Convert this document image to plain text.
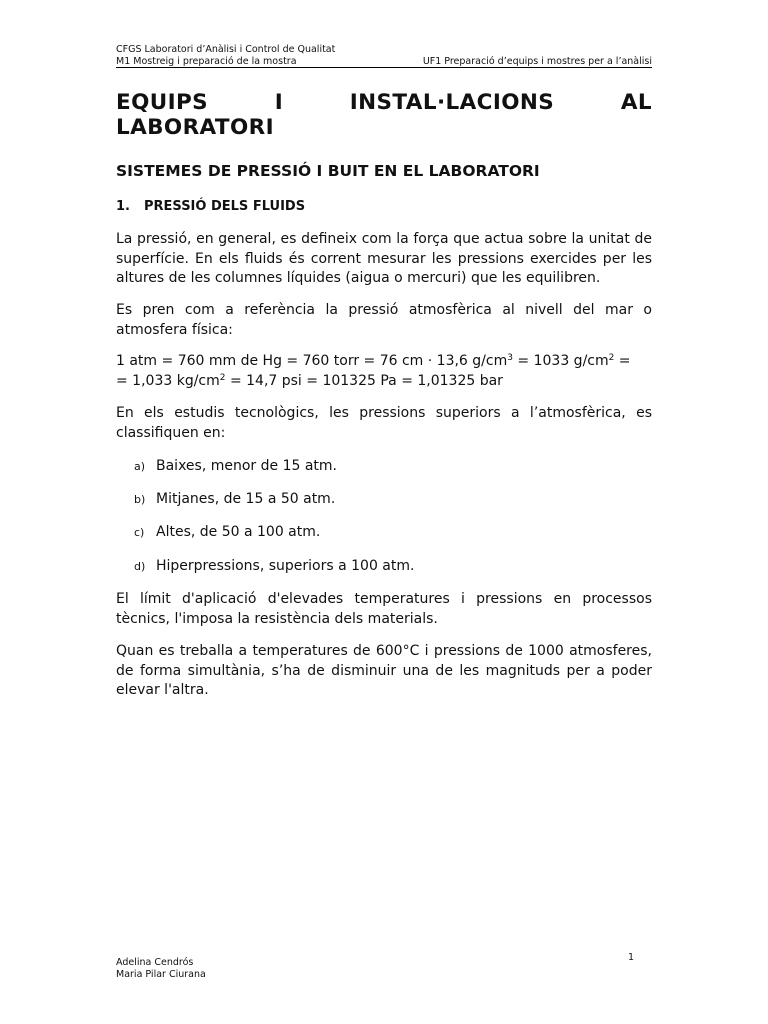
CFGS Laboratori d’Anàlisi i Control de Qualitat
M1 Mostreig i preparació de la mostra	UF1 Preparació d’equips i mostres per a l’anàlisi
EQUIPS	I	INSTAL·LACIONS	AL
LABORATORI
SISTEMES DE PRESSIÓ I BUIT EN EL LABORATORI
1. PRESSIÓ DELS FLUIDS
La pressió, en general, es defineix com la força que actua sobre la unitat de superfície. En els fluids és corrent mesurar les pressions exercides per les altures de les columnes líquides (aigua o mercuri) que les equilibren.
Es pren com a referència la pressió atmosfèrica al nivell del mar o atmosfera física:
1 atm = 760 mm de Hg = 760 torr = 76 cm · 13,6 $g/cm^3 = 1033$ $g/cm^2$ =
= 1,033 $kg/cm^2 = 14,7$ psi = 101325 Pa = 1,01325 bar
En els estudis tecnològics, les pressions superiors a l’atmosfèrica, es classifiquen en:
a) Baixes, menor de 15 atm.
b) Mitjanes, de 15 a 50 atm.
c) Altes, de 50 a 100 atm.
d) Hiperpressions, superiors a 100 atm.
El límit d'aplicació d'elevades temperatures i pressions en processos tècnics, l'imposa la resistència dels materials.
Quan es treballa a temperatures de 600°C i pressions de 1000 atmosferes, de forma simultània, s’ha de disminuir una de les magnituds per a poder elevar l'altra.
1
Adelina Cendrós
Maria Pilar Ciurana
